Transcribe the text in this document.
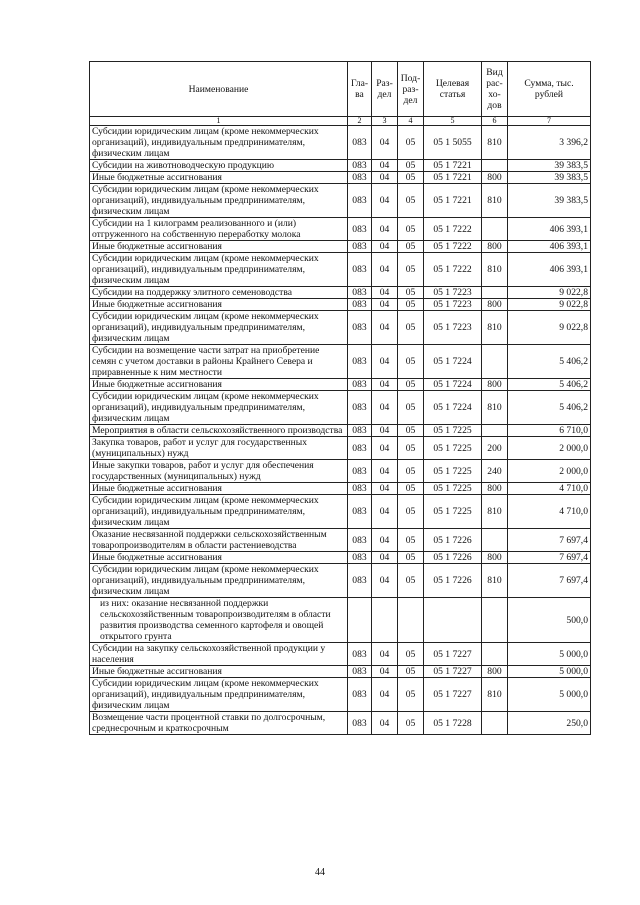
Наименование	Гла-ва	Раз-дел	Под-раз-дел	Целевая статья	Вид рас-хо-дов	Сумма, тыс. рублей
1	2	3	4	5	6	7
Субсидии юридическим лицам (кроме некоммерческих организаций), индивидуальным предпринимателям, физическим лицам	083	04	05	05 1 5055	810	3 396,2
Субсидии на животноводческую продукцию	083	04	05	05 1 7221		39 383,5
Иные бюджетные ассигнования	083	04	05	05 1 7221	800	39 383,5
Субсидии юридическим лицам (кроме некоммерческих организаций), индивидуальным предпринимателям, физическим лицам	083	04	05	05 1 7221	810	39 383,5
Субсидии на 1 килограмм реализованного и (или) отгруженного на собственную переработку молока	083	04	05	05 1 7222		406 393,1
Иные бюджетные ассигнования	083	04	05	05 1 7222	800	406 393,1
Субсидии юридическим лицам (кроме некоммерческих организаций), индивидуальным предпринимателям, физическим лицам	083	04	05	05 1 7222	810	406 393,1
Субсидии на поддержку элитного семеноводства	083	04	05	05 1 7223		9 022,8
Иные бюджетные ассигнования	083	04	05	05 1 7223	800	9 022,8
Субсидии юридическим лицам (кроме некоммерческих организаций), индивидуальным предпринимателям, физическим лицам	083	04	05	05 1 7223	810	9 022,8
Субсидии на возмещение части затрат на приобретение семян с учетом доставки в районы Крайнего Севера и приравненные к ним местности	083	04	05	05 1 7224		5 406,2
Иные бюджетные ассигнования	083	04	05	05 1 7224	800	5 406,2
Субсидии юридическим лицам (кроме некоммерческих организаций), индивидуальным предпринимателям, физическим лицам	083	04	05	05 1 7224	810	5 406,2
Мероприятия в области сельскохозяйственного производства	083	04	05	05 1 7225		6 710,0
Закупка товаров, работ и услуг для государственных (муниципальных) нужд	083	04	05	05 1 7225	200	2 000,0
Иные закупки товаров, работ и услуг для обеспечения государственных (муниципальных) нужд	083	04	05	05 1 7225	240	2 000,0
Иные бюджетные ассигнования	083	04	05	05 1 7225	800	4 710,0
Субсидии юридическим лицам (кроме некоммерческих организаций), индивидуальным предпринимателям, физическим лицам	083	04	05	05 1 7225	810	4 710,0
Оказание несвязанной поддержки сельскохозяйственным товаропроизводителям в области растениеводства	083	04	05	05 1 7226		7 697,4
Иные бюджетные ассигнования	083	04	05	05 1 7226	800	7 697,4
Субсидии юридическим лицам (кроме некоммерческих организаций), индивидуальным предпринимателям, физическим лицам	083	04	05	05 1 7226	810	7 697,4
из них: оказание несвязанной поддержки сельскохозяйственным товаропроизводителям в области развития производства семенного картофеля и овощей открытого грунта						500,0
Субсидии на закупку сельскохозяйственной продукции у населения	083	04	05	05 1 7227		5 000,0
Иные бюджетные ассигнования	083	04	05	05 1 7227	800	5 000,0
Субсидии юридическим лицам (кроме некоммерческих организаций), индивидуальным предпринимателям, физическим лицам	083	04	05	05 1 7227	810	5 000,0
Возмещение части процентной ставки по долгосрочным, среднесрочным и краткосрочным	083	04	05	05 1 7228		250,0
44
